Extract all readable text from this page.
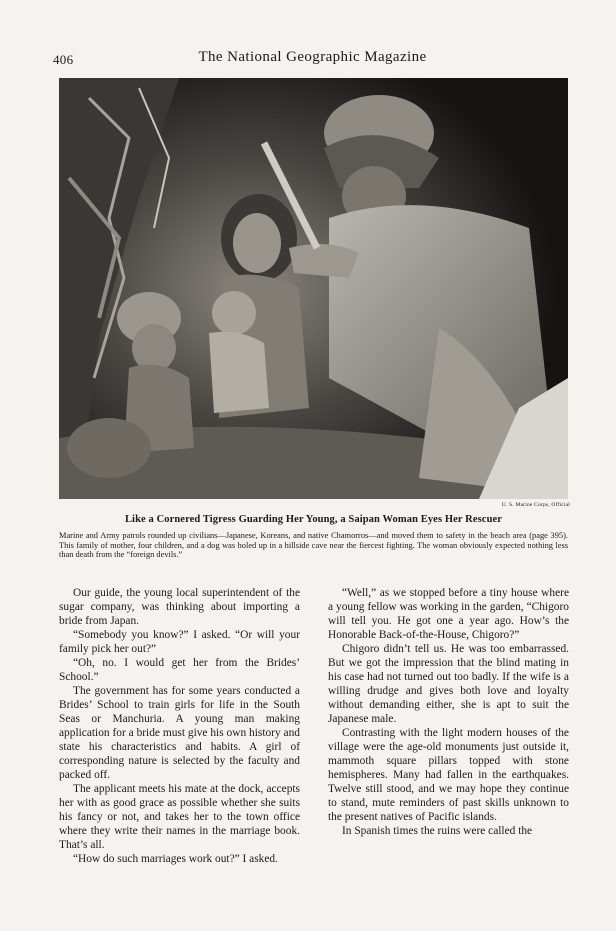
406	The National Geographic Magazine
U. S. Marine Corps, Official
Like a Cornered Tigress Guarding Her Young, a Saipan Woman Eyes Her Rescuer
Marine and Army patrols rounded up civilians—Japanese, Koreans, and native Chamorros—and moved them to safety in the beach area (page 395). This family of mother, four children, and a dog was holed up in a hillside cave near the fiercest fighting. The woman obviously expected nothing less than death from the “foreign devils.”

Our guide, the young local superintendent of the sugar company, was thinking about importing a bride from Japan.

“Somebody you know?” I asked. “Or will your family pick her out?”

“Oh, no. I would get her from the Brides’ School.”

The government has for some years conducted a Brides’ School to train girls for life in the South Seas or Manchuria. A young man making application for a bride must give his own history and state his characteristics and habits. A girl of corresponding nature is selected by the faculty and packed off.

The applicant meets his mate at the dock, accepts her with as good grace as possible whether she suits his fancy or not, and takes her to the town office where they write their names in the marriage book. That’s all.

“How do such marriages work out?” I asked.

“Well,” as we stopped before a tiny house where a young fellow was working in the garden, “Chigoro will tell you. He got one a year ago. How’s the Honorable Back-of-the-House, Chigoro?”

Chigoro didn’t tell us. He was too embarrassed. But we got the impression that the blind mating in his case had not turned out too badly. If the wife is a willing drudge and gives both love and loyalty without demanding either, she is apt to suit the Japanese male.

Contrasting with the light modern houses of the village were the age-old monuments just outside it, mammoth square pillars topped with stone hemispheres. Many had fallen in the earthquakes. Twelve still stood, and we may hope they continue to stand, mute reminders of past skills unknown to the present natives of Pacific islands.

In Spanish times the ruins were called the
